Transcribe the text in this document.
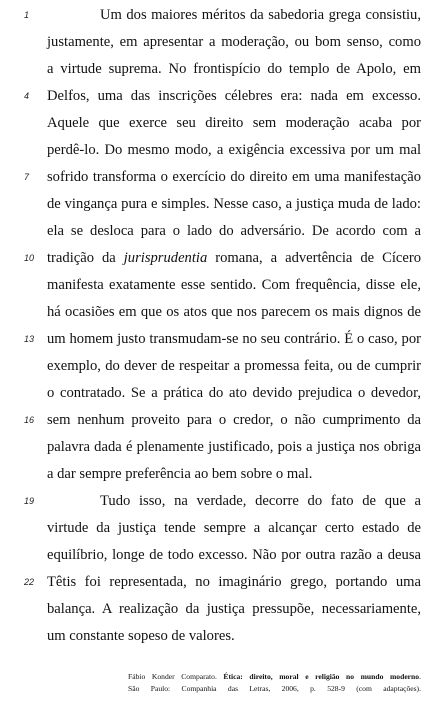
1
4
7
10
13
16
19
22
Um dos maiores méritos da sabedoria grega consistiu,
justamente, em apresentar a moderação, ou bom senso, como
a virtude suprema. No frontispício do templo de Apolo, em
Delfos, uma das inscrições célebres era: nada em excesso.
Aquele que exerce seu direito sem moderação acaba por
perdê-lo. Do mesmo modo, a exigência excessiva por um mal
sofrido transforma o exercício do direito em uma manifestação
de vingança pura e simples. Nesse caso, a justiça muda de lado:
ela se desloca para o lado do adversário. De acordo com a
tradição da jurisprudentia romana, a advertência de Cícero
manifesta exatamente esse sentido. Com frequência, disse ele,
há ocasiões em que os atos que nos parecem os mais dignos de
um homem justo transmudam-se no seu contrário. É o caso, por
exemplo, do dever de respeitar a promessa feita, ou de cumprir
o contratado. Se a prática do ato devido prejudica o devedor,
sem nenhum proveito para o credor, o não cumprimento da
palavra dada é plenamente justificado, pois a justiça nos obriga
a dar sempre preferência ao bem sobre o mal.
Tudo isso, na verdade, decorre do fato de que a
virtude da justiça tende sempre a alcançar certo estado de
equilíbrio, longe de todo excesso. Não por outra razão a deusa
Têtis foi representada, no imaginário grego, portando uma
balança. A realização da justiça pressupõe, necessariamente,
um constante sopeso de valores.
Fábio Konder Comparato. Ética: direito, moral e religião no mundo moderno.
São Paulo: Companhia das Letras, 2006, p. 528-9 (com adaptações).
